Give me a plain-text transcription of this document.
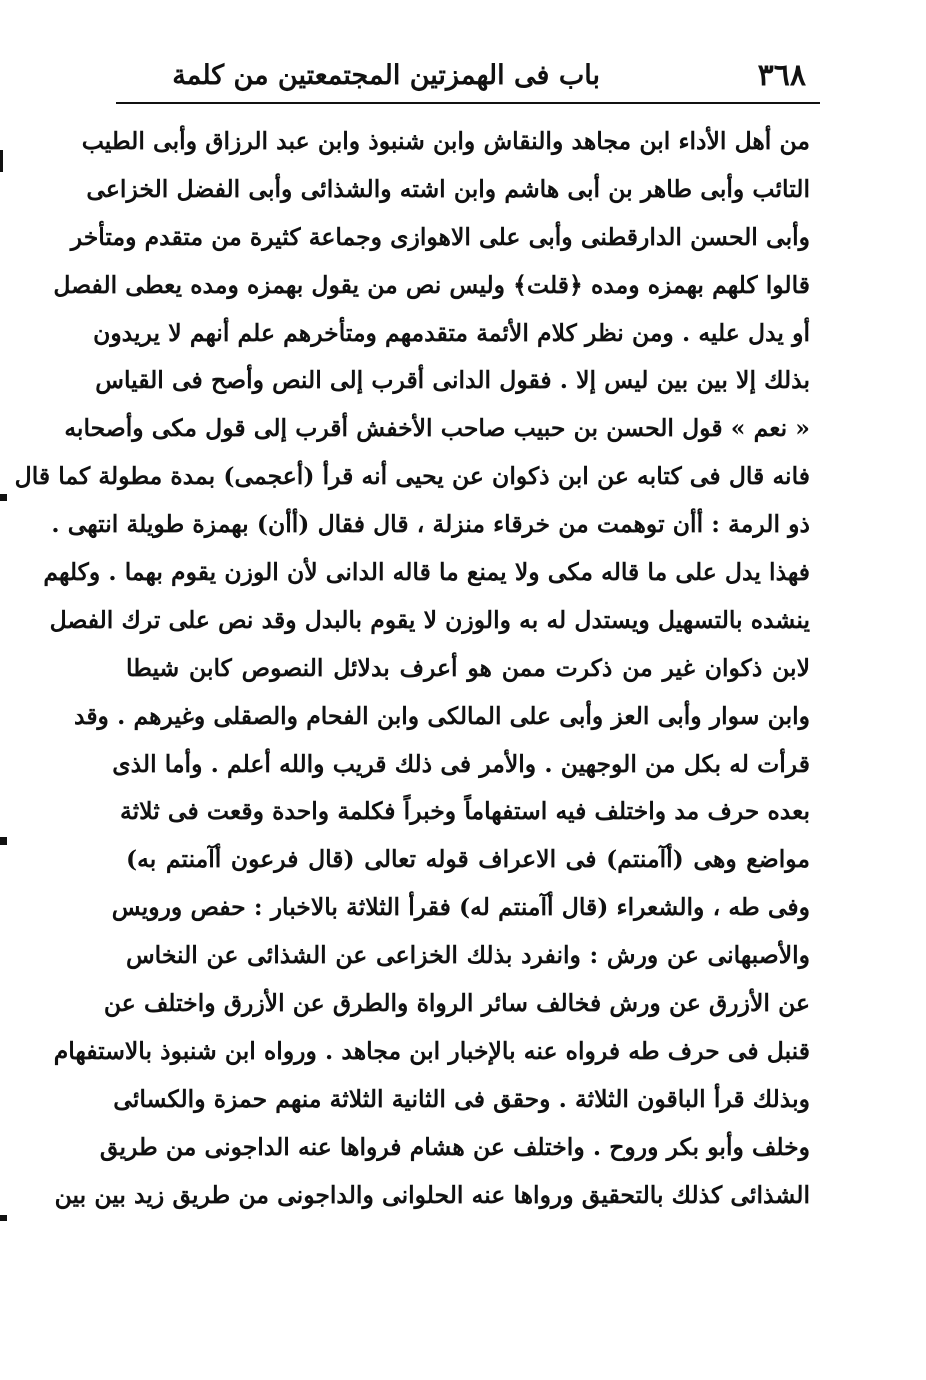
٣٦٨
باب فى الهمزتين المجتمعتين من كلمة
من أهل الأداء ابن مجاهد والنقاش وابن شنبوذ وابن عبد الرزاق وأبى الطيب
التائب وأبى طاهر بن أبى هاشم وابن اشته والشذائى وأبى الفضل الخزاعى
وأبى الحسن الدارقطنى وأبى على الاهوازى وجماعة كثيرة من متقدم ومتأخر
قالوا كلهم بهمزه ومده ﴿قلت﴾ وليس نص من يقول بهمزه ومده يعطى الفصل
أو يدل عليه . ومن نظر كلام الأئمة متقدمهم ومتأخرهم علم أنهم لا يريدون
بذلك إلا بين بين ليس إلا . فقول الدانى أقرب إلى النص وأصح فى القياس
« نعم » قول الحسن بن حبيب صاحب الأخفش أقرب إلى قول مكى وأصحابه
فانه قال فى كتابه عن ابن ذكوان عن يحيى أنه قرأ (أعجمى) بمدة مطولة كما قال
ذو الرمة : أأن توهمت من خرقاء منزلة ، قال فقال (أأن) بهمزة طويلة انتهى .
فهذا يدل على ما قاله مكى ولا يمنع ما قاله الدانى لأن الوزن يقوم بهما . وكلهم
ينشده بالتسهيل ويستدل له به والوزن لا يقوم بالبدل وقد نص على ترك الفصل
لابن ذكوان غير من ذكرت ممن هو أعرف بدلائل النصوص كابن شيطا
وابن سوار وأبى العز وأبى على المالكى وابن الفحام والصقلى وغيرهم . وقد
قرأت له بكل من الوجهين . والأمر فى ذلك قريب والله أعلم . وأما الذى
بعده حرف مد واختلف فيه استفهاماً وخبراً فكلمة واحدة وقعت فى ثلاثة
مواضع وهى (أآمنتم) فى الاعراف قوله تعالى (قال فرعون أآمنتم به)
وفى طه ، والشعراء (قال أآمنتم له) فقرأ الثلاثة بالاخبار : حفص ورويس
والأصبهانى عن ورش : وانفرد بذلك الخزاعى عن الشذائى عن النخاس
عن الأزرق عن ورش فخالف سائر الرواة والطرق عن الأزرق واختلف عن
قنبل فى حرف طه فرواه عنه بالإخبار ابن مجاهد . ورواه ابن شنبوذ بالاستفهام
وبذلك قرأ الباقون الثلاثة . وحقق فى الثانية الثلاثة منهم حمزة والكسائى
وخلف وأبو بكر وروح . واختلف عن هشام فرواها عنه الداجونى من طريق
الشذائى كذلك بالتحقيق ورواها عنه الحلوانى والداجونى من طريق زيد بين بين
